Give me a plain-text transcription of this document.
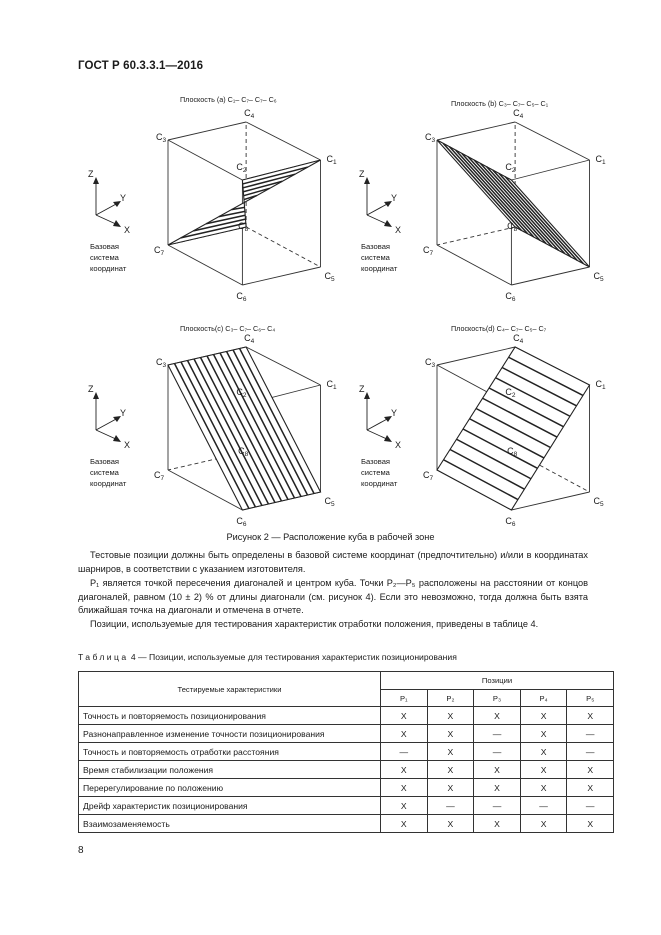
ГОСТ Р 60.3.3.1—2016
$C_3$
$C_2$
$C_7$
$C_6$
$C_4$
$C_1$
$C_8$
$C_5$
Плоскость (a) C₁– C₇– C₇– C₆
Z
Y
X
Базовая
система
координат
$C_3$
$C_2$
$C_7$
$C_6$
$C_4$
$C_1$
$C_8$
$C_5$
Плоскость (b) C₃– C₇– C₅– C₁
Z
Y
X
Базовая
система
координат
$C_3$
$C_2$
$C_7$
$C_6$
$C_4$
$C_1$
$C_8$
$C_5$
Плоскость(c) C₃– C₇– C₆– C₄
Z
Y
X
Базовая
система
координат
$C_3$
$C_2$
$C_7$
$C_6$
$C_4$
$C_1$
$C_8$
$C_5$
Плоскость(d) C₄– C₇– C₅– C₇
Z
Y
X
Базовая
система
координат
Рисунок 2 — Расположение куба в рабочей зоне
Тестовые позиции должны быть определены в базовой системе координат (предпочтительно) и/или в координатах шарниров, в соответствии с указанием изготовителя.
P₁ является точкой пересечения диагоналей и центром куба. Точки P₂—P₅ расположены на расстоянии от концов диагоналей, равном (10 ± 2) % от длины диагонали (см. рисунок 4). Если это невозможно, тогда должна быть взята ближайшая точка на диагонали и отмечена в отчете.
Позиции, используемые для тестирования характеристик отработки положения, приведены в таблице 4.
Таблица 4 — Позиции, используемые для тестирования характеристик позиционирования
Тестируемые характеристики	Позиции				
	P₁	P₂	P₃	P₄	P₅
Точность и повторяемость позиционирования	X	X	X	X	X
Разнонаправленное изменение точности позиционирования	X	X	—	X	—
Точность и повторяемость отработки расстояния	—	X	—	X	—
Время стабилизации положения	X	X	X	X	X
Перерегулирование по положению	X	X	X	X	X
Дрейф характеристик позиционирования	X	—	—	—	—
Взаимозаменяемость	X	X	X	X	X
8
